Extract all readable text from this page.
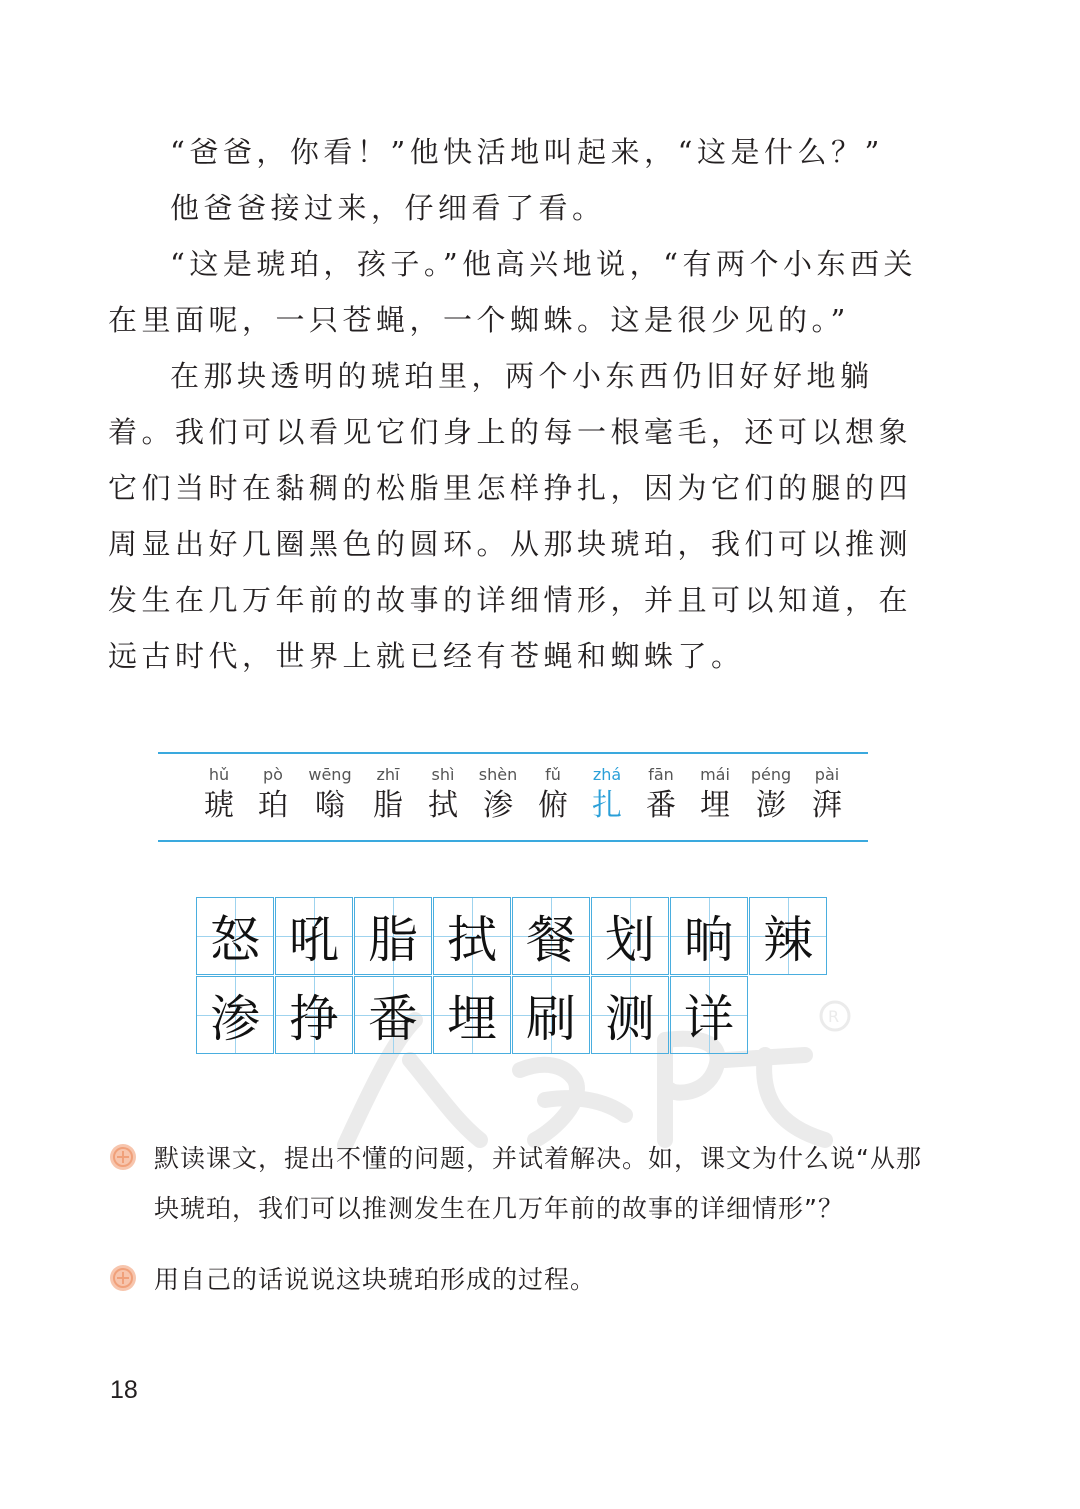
“爸爸，你看！”他快活地叫起来，“这是什么？”

他爸爸接过来，仔细看了看。

“这是琥珀，孩子。”他高兴地说，“有两个小东西关在里面呢，一只苍蝇，一个蜘蛛。这是很少见的。”

在那块透明的琥珀里，两个小东西仍旧好好地躺着。我们可以看见它们身上的每一根毫毛，还可以想象它们当时在黏稠的松脂里怎样挣扎，因为它们的腿的四周显出好几圈黑色的圆环。从那块琥珀，我们可以推测发生在几万年前的故事的详细情形，并且可以知道，在远古时代，世界上就已经有苍蝇和蜘蛛了。

hǔ
琥
pò
珀
wēng
嗡
zhī
脂
shì
拭
shèn
渗
fǔ
俯
zhá
扎
fān
番
mái
埋
péng
澎
pài
湃
R
怒 吼 脂 拭 餐 划 晌 辣
渗 挣 番 埋 刷 测 详

默读课文，提出不懂的问题，并试着解决。如，课文为什么说“从那块琥珀，我们可以推测发生在几万年前的故事的详细情形”？

用自己的话说说这块琥珀形成的过程。

18
